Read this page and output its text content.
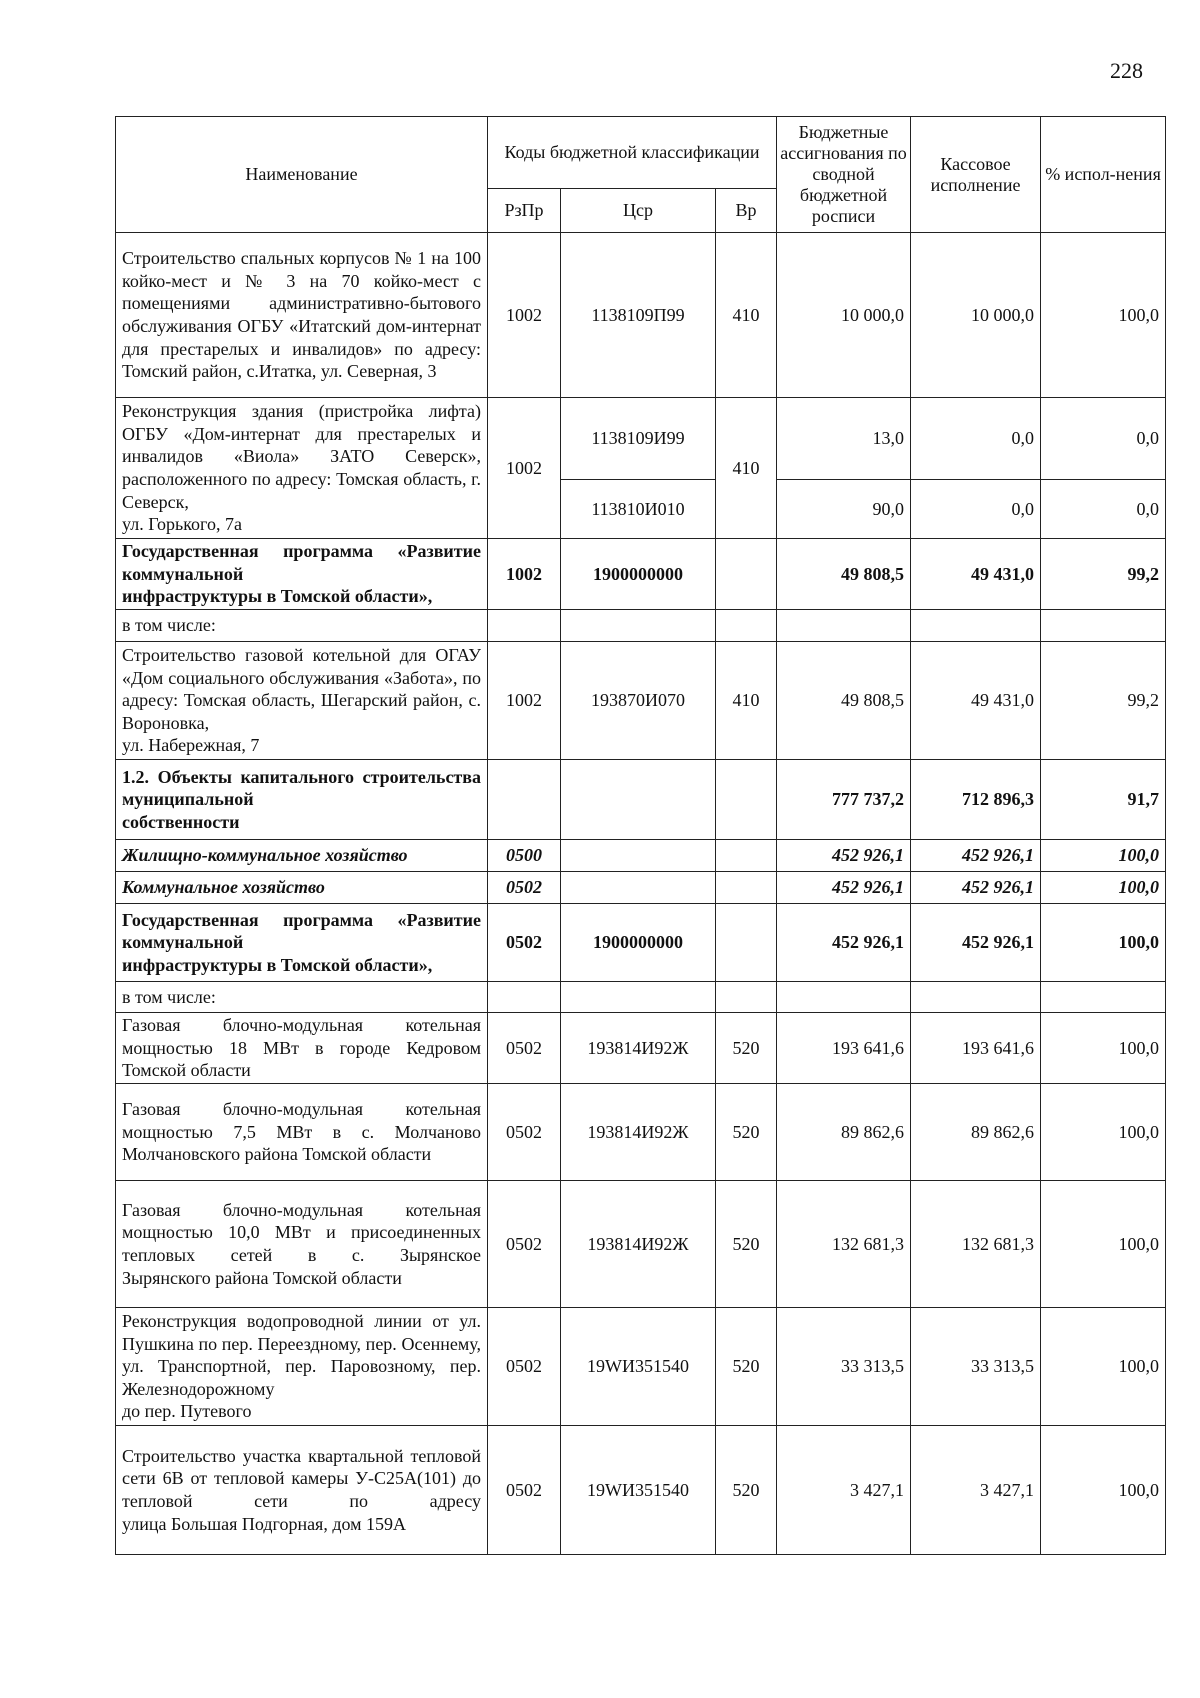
228
Наименование	Коды бюджетной классификации			Бюджетные ассигнования по сводной бюджетной росписи	Кассовое исполнение	% испол-нения
	РзПр	Цср	Вр			

Строительство спальных корпусов № 1 на 100 койко-мест и № 3 на 70 койко-мест с помещениями административно-бытового обслуживания ОГБУ «Итатский дом-интернат для престарелых и инвалидов» по адресу:
Томский район, с.Итатка, ул. Северная, 3	1002	1138109П99	410	10 000,0	10 000,0	100,0

Реконструкция здания (пристройка лифта) ОГБУ «Дом-интернат для престарелых и инвалидов «Виола» ЗАТО Северск», расположенного по адресу: Томская область, г. Северск,
ул. Горького, 7а	1002	1138109И99	410	13,0	0,0	0,0
		113810И010		90,0	0,0	0,0

Государственная программа «Развитие коммунальной
инфраструктуры в Томской области»,	1002	1900000000		49 808,5	49 431,0	99,2
в том числе:						

Строительство газовой котельной для ОГАУ «Дом социального обслуживания «Забота», по адресу: Томская область, Шегарский район, с. Вороновка,
ул. Набережная, 7	1002	193870И070	410	49 808,5	49 431,0	99,2

1.2. Объекты капитального строительства муниципальной
собственности				777 737,2	712 896,3	91,7
Жилищно-коммунальное хозяйство	0500			452 926,1	452 926,1	100,0
Коммунальное хозяйство	0502			452 926,1	452 926,1	100,0

Государственная программа «Развитие коммунальной
инфраструктуры в Томской области»,	0502	1900000000		452 926,1	452 926,1	100,0
в том числе:						

Газовая блочно-модульная котельная мощностью 18 МВт в городе Кедровом
Томской области	0502	193814И92Ж	520	193 641,6	193 641,6	100,0

Газовая блочно-модульная котельная мощностью 7,5 МВт в с. Молчаново
Молчановского района Томской области	0502	193814И92Ж	520	89 862,6	89 862,6	100,0

Газовая блочно-модульная котельная мощностью 10,0 МВт и присоединенных тепловых сетей в с. Зырянское
Зырянского района Томской области	0502	193814И92Ж	520	132 681,3	132 681,3	100,0

Реконструкция водопроводной линии от ул. Пушкина по пер. Переездному, пер. Осеннему, ул. Транспортной, пер. Паровозному, пер. Железнодорожному
до пер. Путевого	0502	19WИ351540	520	33 313,5	33 313,5	100,0

Строительство участка квартальной тепловой сети 6В от тепловой камеры У-С25А(101) до тепловой сети по адресу
улица Большая Подгорная, дом 159А	0502	19WИ351540	520	3 427,1	3 427,1	100,0
